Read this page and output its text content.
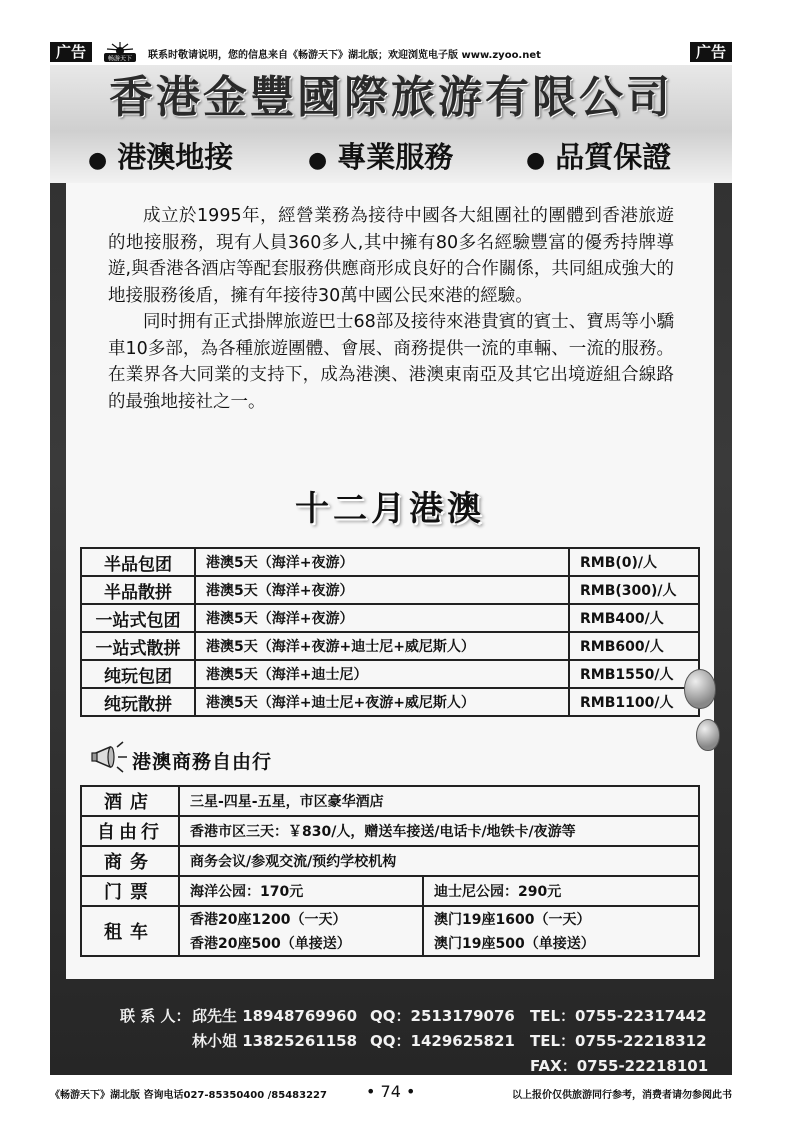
广告	畅游天下 联系时敬请说明，您的信息来自《畅游天下》湖北版；欢迎浏览电子版 www.zyoo.net	广告
香港金豐國際旅游有限公司
● 港澳地接	● 專業服務	● 品質保證

成立於1995年，經營業務為接待中國各大組團社的團體到香港旅遊的地接服務，現有人員360多人,其中擁有80多名經驗豐富的優秀持牌導遊,與香港各酒店等配套服務供應商形成良好的合作關係，共同組成強大的地接服務後盾，擁有年接待30萬中國公民來港的經驗。

同时拥有正式掛牌旅遊巴士68部及接待來港貴賓的賓士、寶馬等小驕車10多部，為各種旅遊團體、會展、商務提供一流的車輛、一流的服務。在業界各大同業的支持下，成為港澳、港澳東南亞及其它出境遊組合線路的最強地接社之一。

十二月港澳
半品包团	港澳5天（海洋+夜游）	RMB(0)/人
半品散拼	港澳5天（海洋+夜游）	RMB(300)/人
一站式包团	港澳5天（海洋+夜游）	RMB400/人
一站式散拼	港澳5天（海洋+夜游+迪士尼+威尼斯人）	RMB600/人
纯玩包团	港澳5天（海洋+迪士尼）	RMB1550/人
纯玩散拼	港澳5天（海洋+迪士尼+夜游+威尼斯人）	RMB1100/人
港澳商務自由行
酒店	三星-四星-五星，市区豪华酒店	
自由行	香港市区三天：￥830/人，赠送车接送/电话卡/地铁卡/夜游等	
商务	商务会议/参观交流/预约学校机构	
门票	海洋公园：170元	迪士尼公园：290元
租车	香港20座1200（一天）	澳门19座1600（一天）
	香港20座500（单接送）	澳门19座500（单接送）
联 系 人： 邱先生 18948769960 QQ：2513179076 TEL：0755-22317442
林小姐 13825261158 QQ：1429625821 TEL：0755-22218312
FAX：0755-22218101
《畅游天下》湖北版 咨询电话027-85350400 /85483227 • 74 •	以上报价仅供旅游同行参考，消费者请勿参阅此书
